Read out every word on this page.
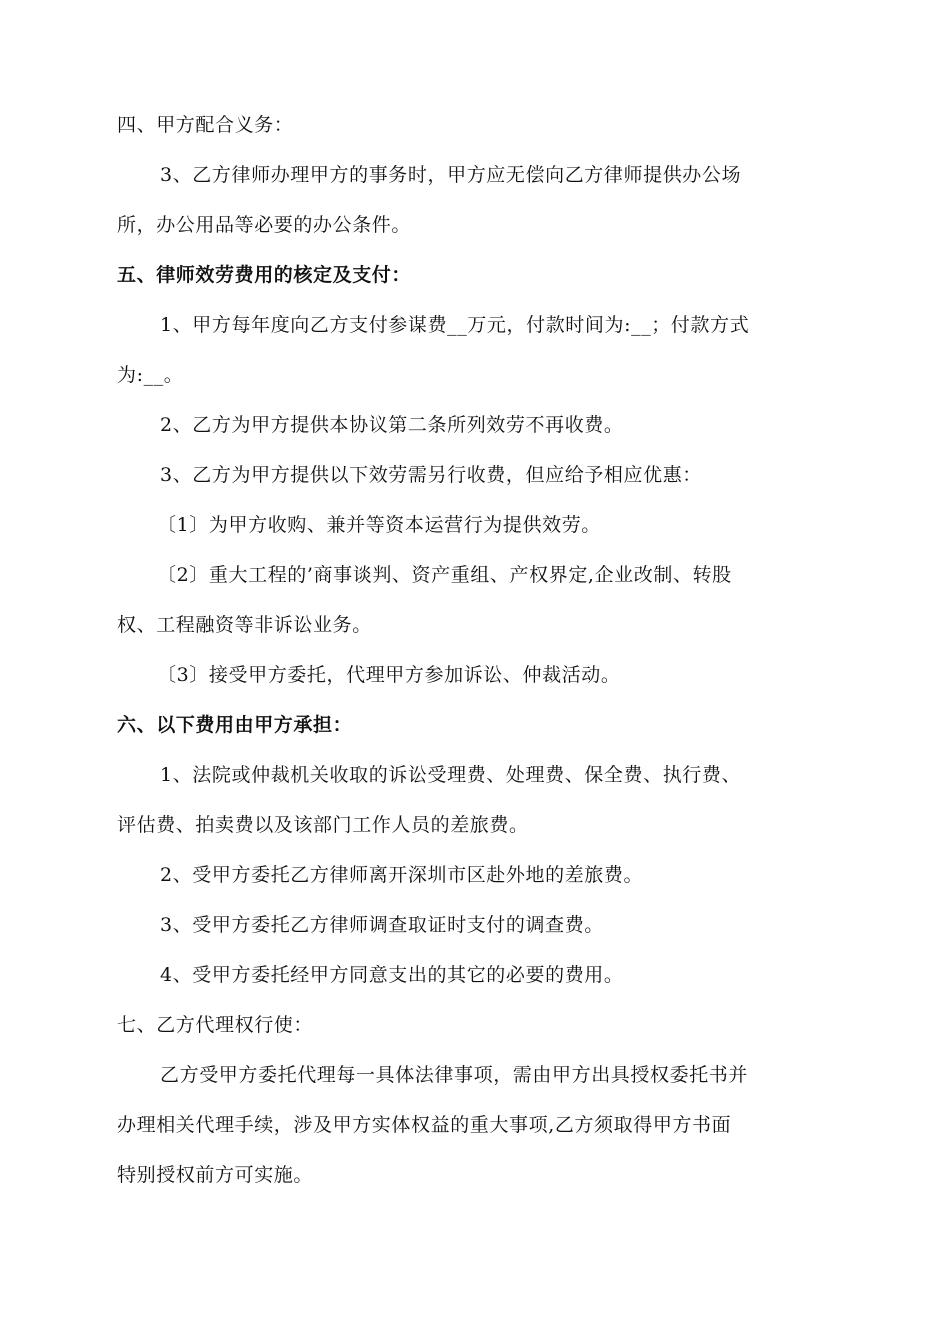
四、甲方配合义务：

3、乙方律师办理甲方的事务时，甲方应无偿向乙方律师提供办公场
所，办公用品等必要的办公条件。

五、律师效劳费用的核定及支付：

1、甲方每年度向乙方支付参谋费__万元，付款时间为:__；付款方式
为:__。

2、乙方为甲方提供本协议第二条所列效劳不再收费。

3、乙方为甲方提供以下效劳需另行收费，但应给予相应优惠：

〔1〕为甲方收购、兼并等资本运营行为提供效劳。

〔2〕重大工程的’商事谈判、资产重组、产权界定,企业改制、转股
权、工程融资等非诉讼业务。

〔3〕接受甲方委托，代理甲方参加诉讼、仲裁活动。

六、以下费用由甲方承担：

1、法院或仲裁机关收取的诉讼受理费、处理费、保全费、执行费、
评估费、拍卖费以及该部门工作人员的差旅费。

2、受甲方委托乙方律师离开深圳市区赴外地的差旅费。

3、受甲方委托乙方律师调查取证时支付的调查费。

4、受甲方委托经甲方同意支出的其它的必要的费用。

七、乙方代理权行使：

乙方受甲方委托代理每一具体法律事项，需由甲方出具授权委托书并
办理相关代理手续，涉及甲方实体权益的重大事项,乙方须取得甲方书面
特别授权前方可实施。
